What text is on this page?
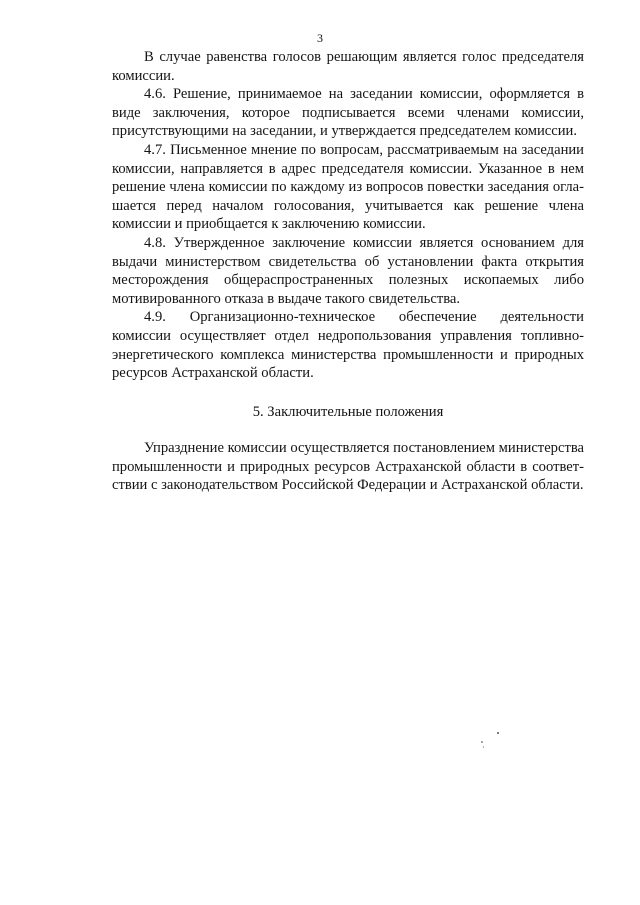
3

В случае равенства голосов решающим является голос председателя комиссии.

4.6. Решение, принимаемое на заседании комиссии, оформляется в виде заключения, которое подписывается всеми членами комиссии, присутствующими на заседании, и утверждается председателем комиссии.

4.7. Письменное мнение по вопросам, рассматриваемым на заседании комиссии, направляется в адрес председателя комиссии. Указанное в нем решение члена комиссии по каждому из вопросов повестки заседания оглашается перед началом голосования, учитывается как решение члена комиссии и приобщается к заключению комиссии.

4.8. Утвержденное заключение комиссии является основанием для выдачи министерством свидетельства об установлении факта открытия месторождения общераспространенных полезных ископаемых либо мотивированного отказа в выдаче такого свидетельства.

4.9. Организационно-техническое обеспечение деятельности комиссии осуществляет отдел недропользования управления топливно-энергетического комплекса министерства промышленности и природных ресурсов Астраханской области.

5. Заключительные положения

Упразднение комиссии осуществляется постановлением министерства промышленности и природных ресурсов Астраханской области в соответствии с законодательством Российской Федерации и Астраханской области.
